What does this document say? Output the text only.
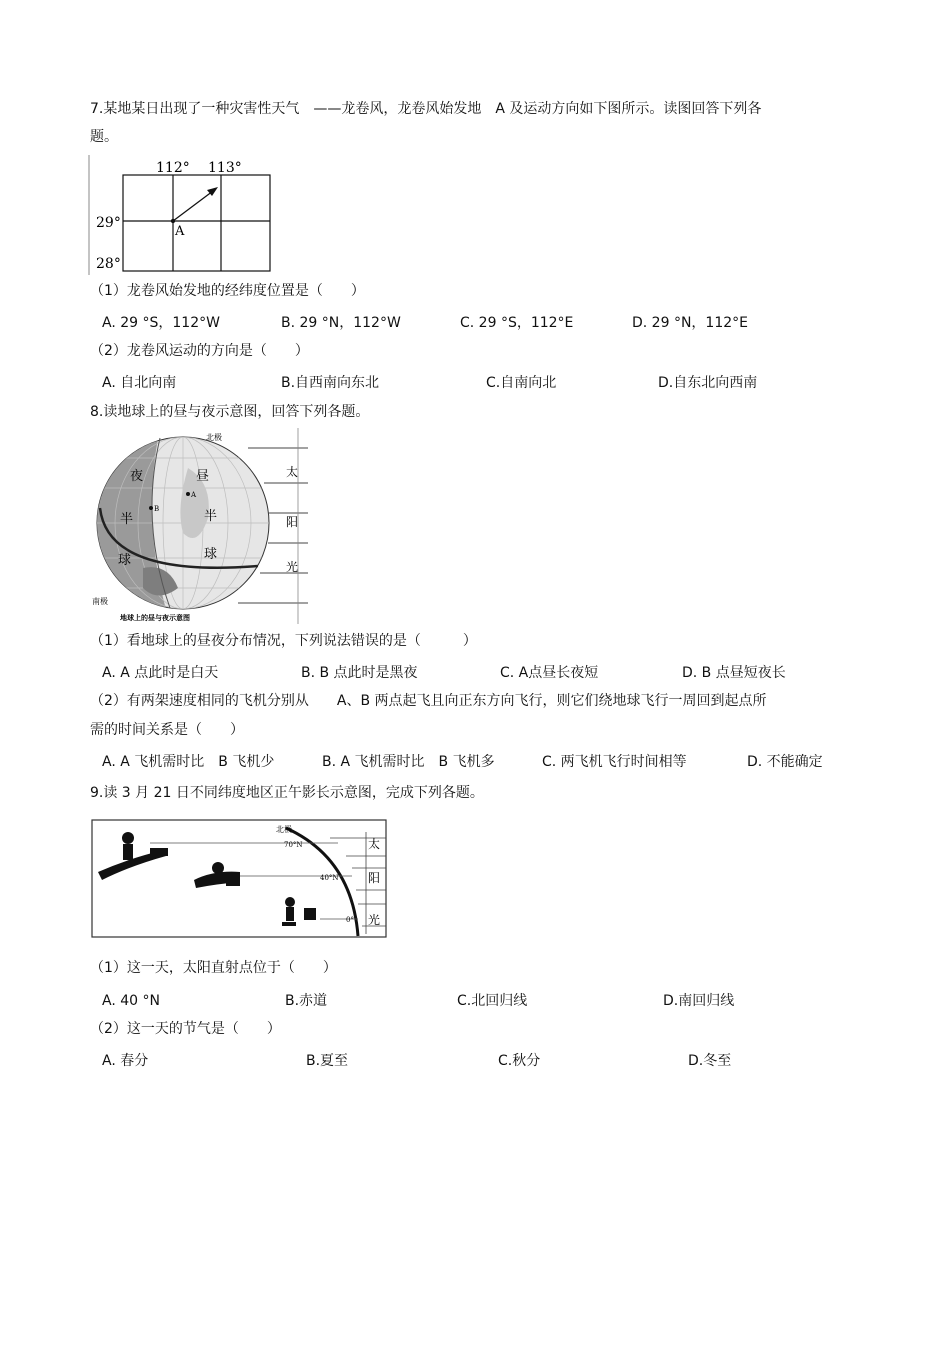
7.某地某日出现了一种灾害性天气　——龙卷风，龙卷风始发地　A 及运动方向如下图所示。读图回答下列各
题。
112° 113°
29°
28°
A
（1）龙卷风始发地的经纬度位置是（　　）
A. 29 °S，112°W	B. 29 °N，112°W	C. 29 °S，112°E	D. 29 °N，112°E
（2）龙卷风运动的方向是（　　）
A. 自北向南	B.自西南向东北	C.自南向北	D.自东北向西南
8.读地球上的昼与夜示意图，回答下列各题。
北极
南极
夜
半
球
昼
半
球
太
阳
光
A
B
地球上的昼与夜示意图
（1）看地球上的昼夜分布情况，下列说法错误的是（　　　）
A. A 点此时是白天	B. B 点此时是黑夜	C. A点昼长夜短	D. B 点昼短夜长
（2）有两架速度相同的飞机分别从　　A、B 两点起飞且向正东方向飞行，则它们绕地球飞行一周回到起点所
需的时间关系是（　　）
A. A 飞机需时比　B 飞机少	B. A 飞机需时比　B 飞机多	C. 两飞机飞行时间相等	D. 不能确定
9.读 3 月 21 日不同纬度地区正午影长示意图，完成下列各题。
北极
70°N
40°N
0°
太
阳
光
（1）这一天，太阳直射点位于（　　）
A. 40 °N	B.赤道	C.北回归线	D.南回归线
（2）这一天的节气是（　　）
A. 春分	B.夏至	C.秋分	D.冬至
